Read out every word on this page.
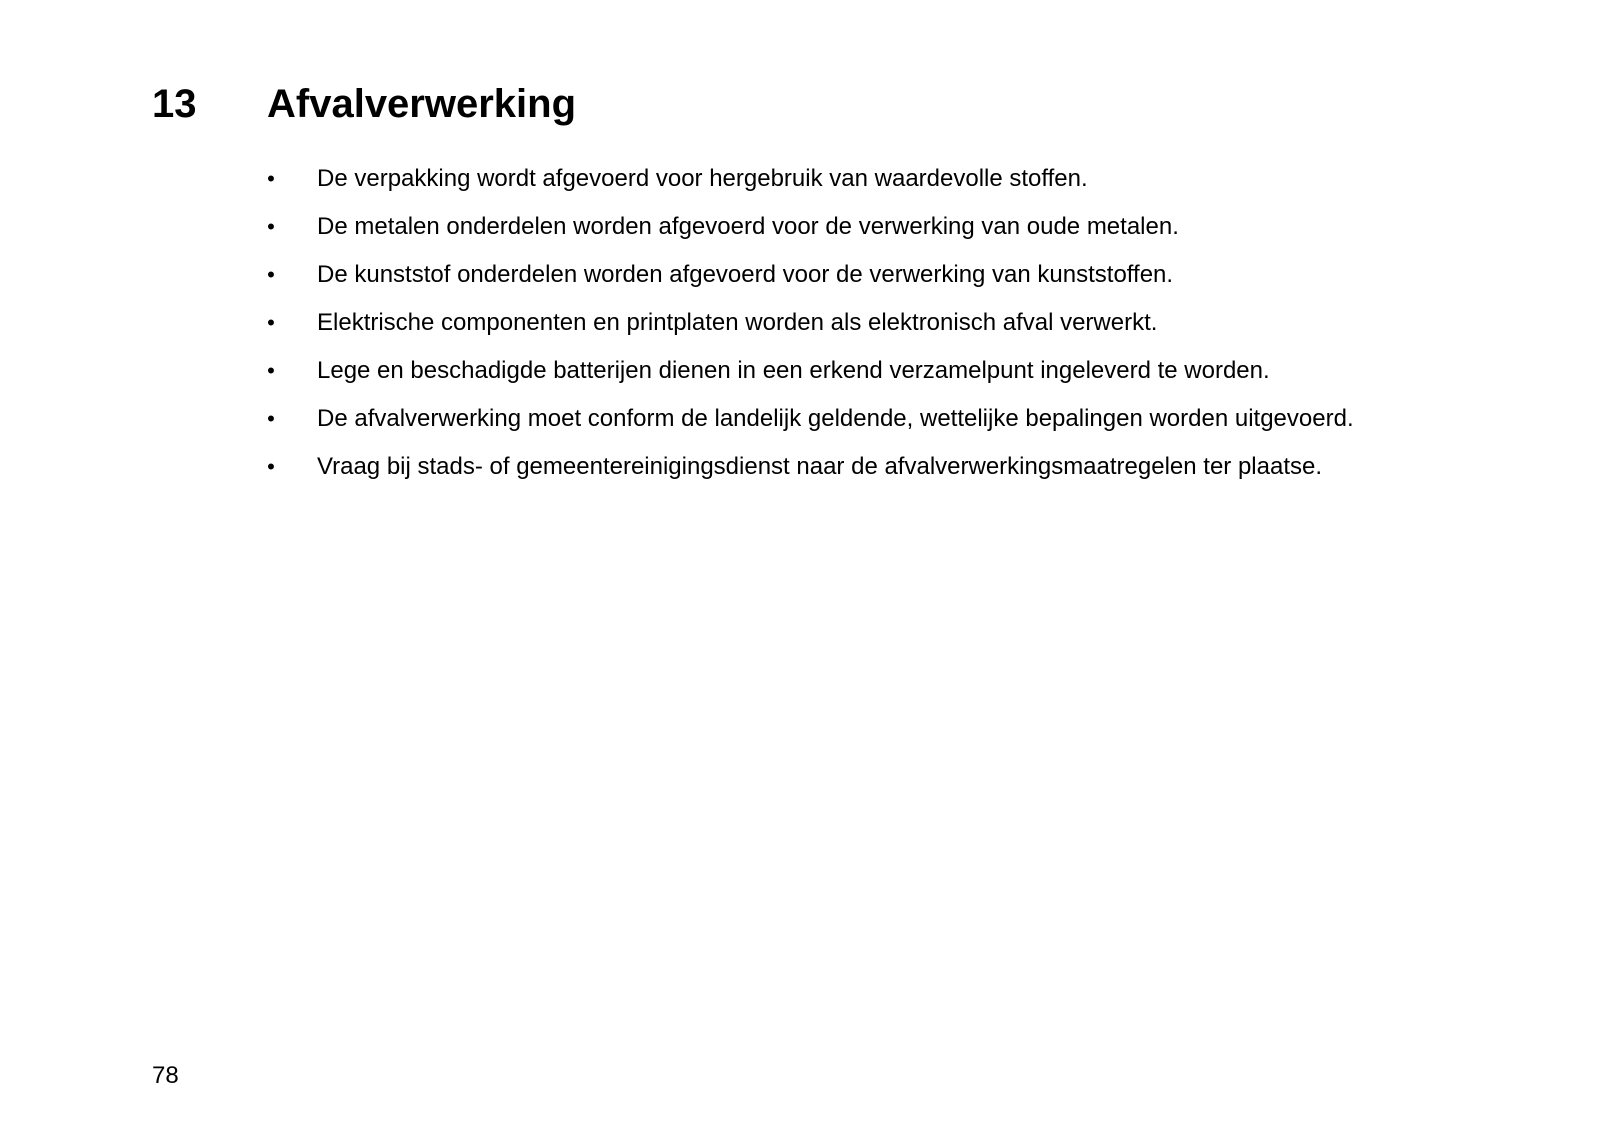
13 Afvalverwerking
• De verpakking wordt afgevoerd voor hergebruik van waardevolle stoffen.
• De metalen onderdelen worden afgevoerd voor de verwerking van oude metalen.
• De kunststof onderdelen worden afgevoerd voor de verwerking van kunststoffen.
• Elektrische componenten en printplaten worden als elektronisch afval verwerkt.
• Lege en beschadigde batterijen dienen in een erkend verzamelpunt ingeleverd te worden.
• De afvalverwerking moet conform de landelijk geldende, wettelijke bepalingen worden uitgevoerd.
• Vraag bij stads- of gemeentereinigingsdienst naar de afvalverwerkingsmaatregelen ter plaatse.

78
